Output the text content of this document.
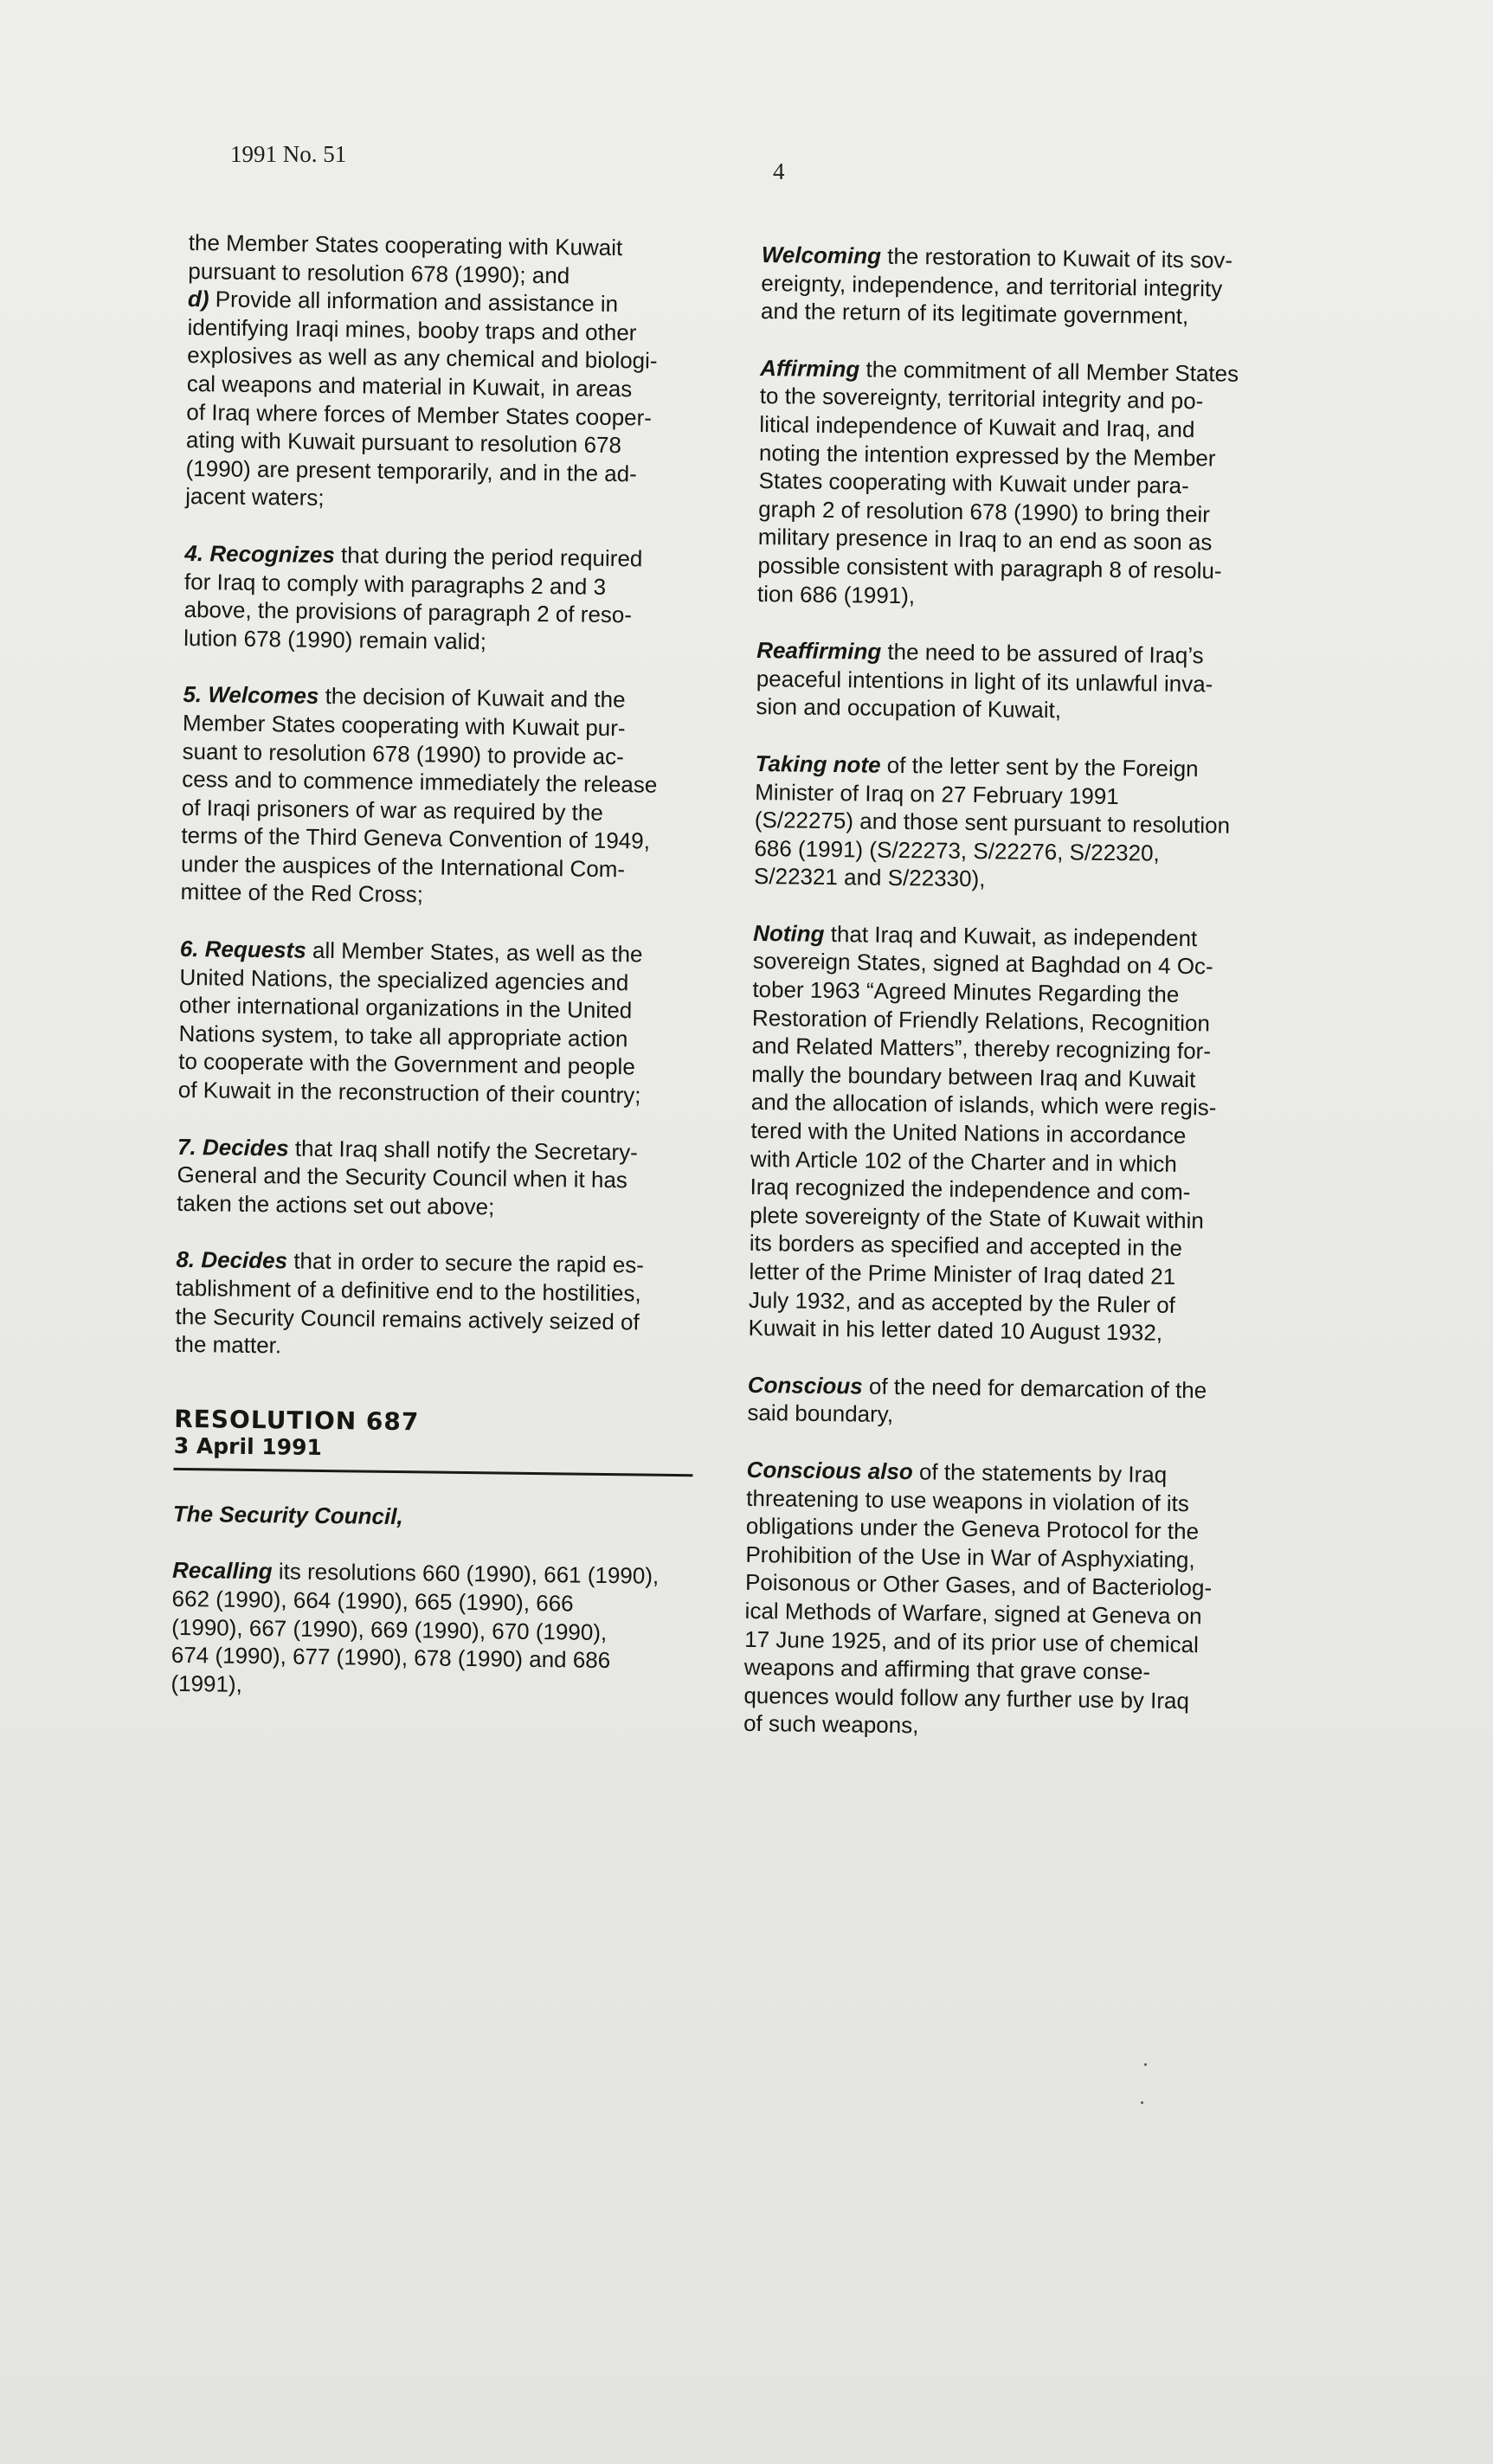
1991 No. 51
4

the Member States cooperating with Kuwait
pursuant to resolution 678 (1990); and

d) Provide all information and assistance in
identifying Iraqi mines, booby traps and other
explosives as well as any chemical and biologi-
cal weapons and material in Kuwait, in areas
of Iraq where forces of Member States cooper-
ating with Kuwait pursuant to resolution 678
(1990) are present temporarily, and in the ad-
jacent waters;

4. Recognizes that during the period required
for Iraq to comply with paragraphs 2 and 3
above, the provisions of paragraph 2 of reso-
lution 678 (1990) remain valid;

5. Welcomes the decision of Kuwait and the
Member States cooperating with Kuwait pur-
suant to resolution 678 (1990) to provide ac-
cess and to commence immediately the release
of Iraqi prisoners of war as required by the
terms of the Third Geneva Convention of 1949,
under the auspices of the International Com-
mittee of the Red Cross;

6. Requests all Member States, as well as the
United Nations, the specialized agencies and
other international organizations in the United
Nations system, to take all appropriate action
to cooperate with the Government and people
of Kuwait in the reconstruction of their country;

7. Decides that Iraq shall notify the Secretary-
General and the Security Council when it has
taken the actions set out above;

8. Decides that in order to secure the rapid es-
tablishment of a definitive end to the hostilities,
the Security Council remains actively seized of
the matter.

RESOLUTION 687
3 April 1991
The Security Council,

Recalling its resolutions 660 (1990), 661 (1990),
662 (1990), 664 (1990), 665 (1990), 666
(1990), 667 (1990), 669 (1990), 670 (1990),
674 (1990), 677 (1990), 678 (1990) and 686
(1991),

Welcoming the restoration to Kuwait of its sov-
ereignty, independence, and territorial integrity
and the return of its legitimate government,

Affirming the commitment of all Member States
to the sovereignty, territorial integrity and po-
litical independence of Kuwait and Iraq, and
noting the intention expressed by the Member
States cooperating with Kuwait under para-
graph 2 of resolution 678 (1990) to bring their
military presence in Iraq to an end as soon as
possible consistent with paragraph 8 of resolu-
tion 686 (1991),

Reaffirming the need to be assured of Iraq’s
peaceful intentions in light of its unlawful inva-
sion and occupation of Kuwait,

Taking note of the letter sent by the Foreign
Minister of Iraq on 27 February 1991
(S/22275) and those sent pursuant to resolution
686 (1991) (S/22273, S/22276, S/22320,
S/22321 and S/22330),

Noting that Iraq and Kuwait, as independent
sovereign States, signed at Baghdad on 4 Oc-
tober 1963 “Agreed Minutes Regarding the
Restoration of Friendly Relations, Recognition
and Related Matters”, thereby recognizing for-
mally the boundary between Iraq and Kuwait
and the allocation of islands, which were regis-
tered with the United Nations in accordance
with Article 102 of the Charter and in which
Iraq recognized the independence and com-
plete sovereignty of the State of Kuwait within
its borders as specified and accepted in the
letter of the Prime Minister of Iraq dated 21
July 1932, and as accepted by the Ruler of
Kuwait in his letter dated 10 August 1932,

Conscious of the need for demarcation of the
said boundary,

Conscious also of the statements by Iraq
threatening to use weapons in violation of its
obligations under the Geneva Protocol for the
Prohibition of the Use in War of Asphyxiating,
Poisonous or Other Gases, and of Bacteriolog-
ical Methods of Warfare, signed at Geneva on
17 June 1925, and of its prior use of chemical
weapons and affirming that grave conse-
quences would follow any further use by Iraq
of such weapons,
